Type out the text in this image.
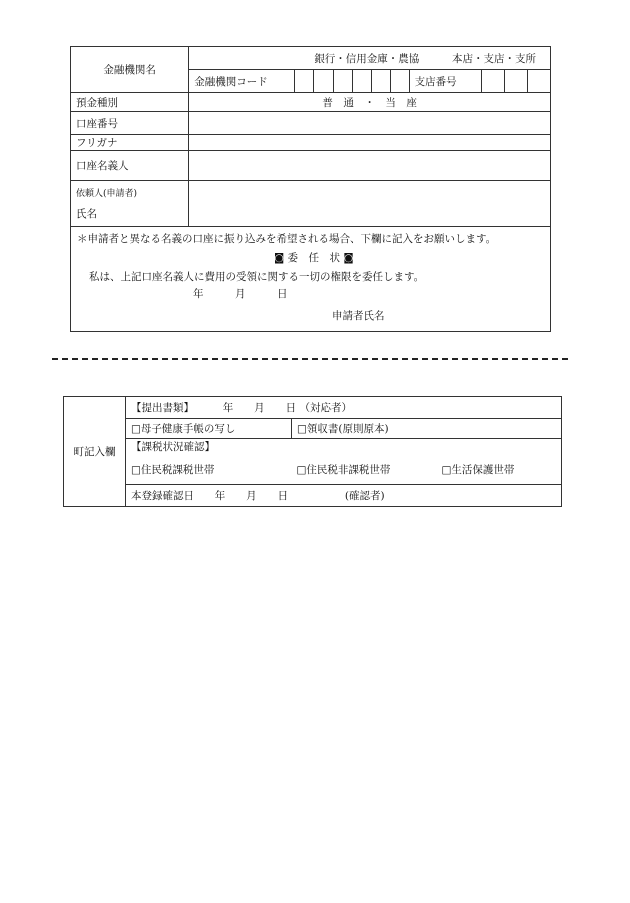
金融機関名	銀行・信用金庫・農協 本店・支店・支所										
	金融機関コード							支店番号			
預金種別	普　通　・　当　座										
口座番号											
フリガナ											
口座名義人											

依頼人(申請者)
氏名											

＊申請者と異なる名義の口座に振り込みを希望される場合、下欄に記入をお願いします。
◙ 委　任　状 ◙
私は、上記口座名義人に費用の受領に関する一切の権限を委任します。
年　　　月　　　日
申請者氏名											
町記入欄	【提出書類】 年　　月　　日 （対応者）		
	□母子健康手帳の写し	□領収書(原則原本)	
	【課税状況確認】		
	□住民税課税世帯	□住民税非課税世帯	□生活保護世帯
	本登録確認日 年　　月　　日 (確認者)		
